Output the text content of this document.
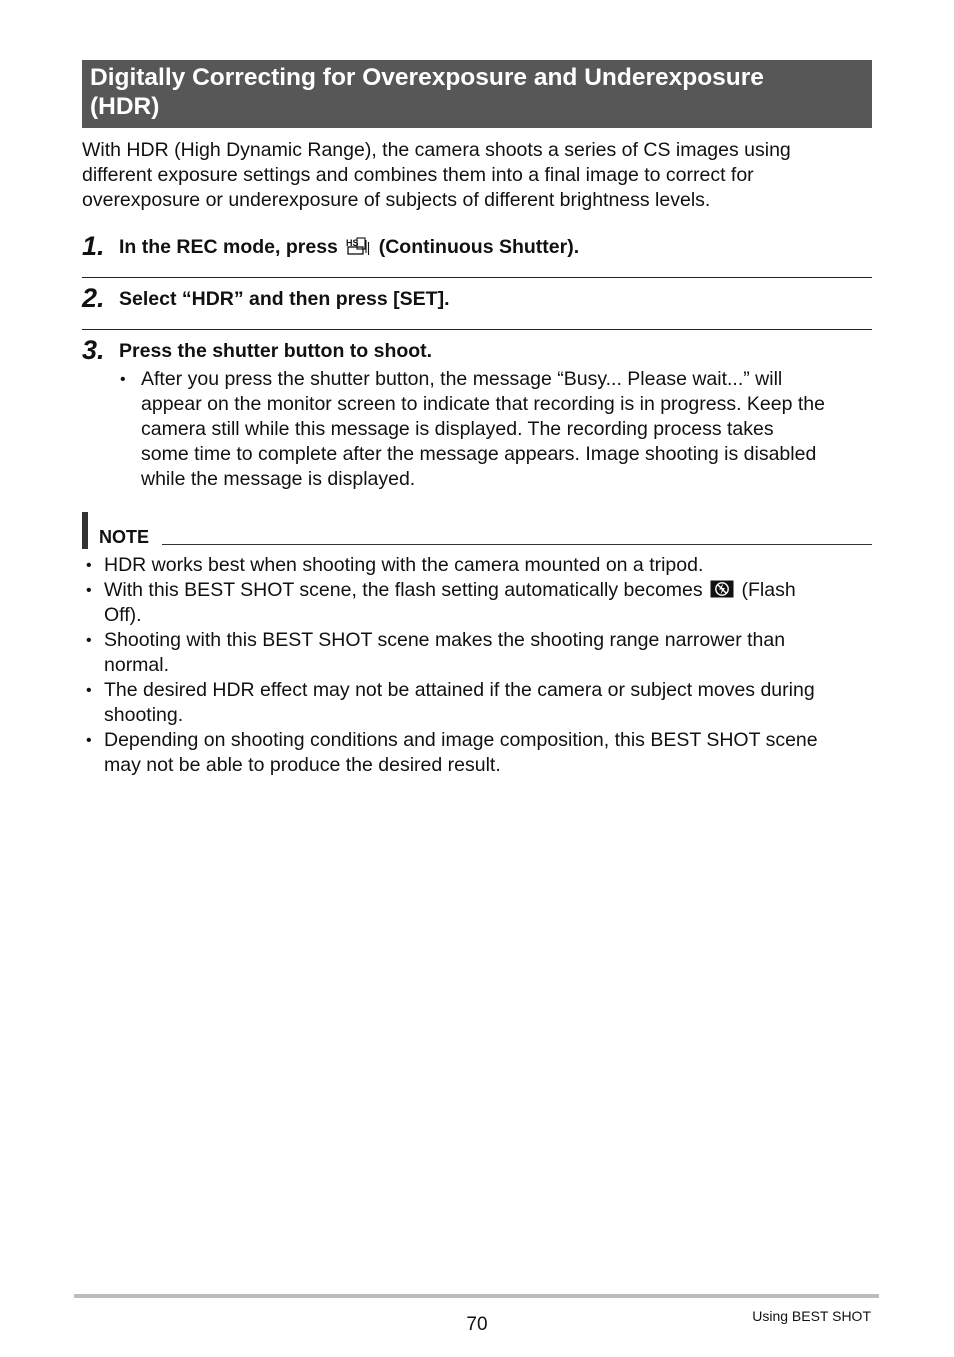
Digitally Correcting for Overexposure and Underexposure
(HDR)

With HDR (High Dynamic Range), the camera shoots a series of CS images using
different exposure settings and combines them into a final image to correct for
overexposure or underexposure of subjects of different brightness levels.

1. In the REC mode, press HS (Continuous Shutter).
2. Select “HDR” and then press [SET].
3. Press the shutter button to shoot.
• After you press the shutter button, the message “Busy... Please wait...” will
appear on the monitor screen to indicate that recording is in progress. Keep the
camera still while this message is displayed. The recording process takes
some time to complete after the message appears. Image shooting is disabled
while the message is displayed.
NOTE
• HDR works best when shooting with the camera mounted on a tripod.
• With this BEST SHOT scene, the flash setting automatically becomes (Flash
Off).
• Shooting with this BEST SHOT scene makes the shooting range narrower than
normal.
• The desired HDR effect may not be attained if the camera or subject moves during
shooting.
• Depending on shooting conditions and image composition, this BEST SHOT scene
may not be able to produce the desired result.
70	Using BEST SHOT
